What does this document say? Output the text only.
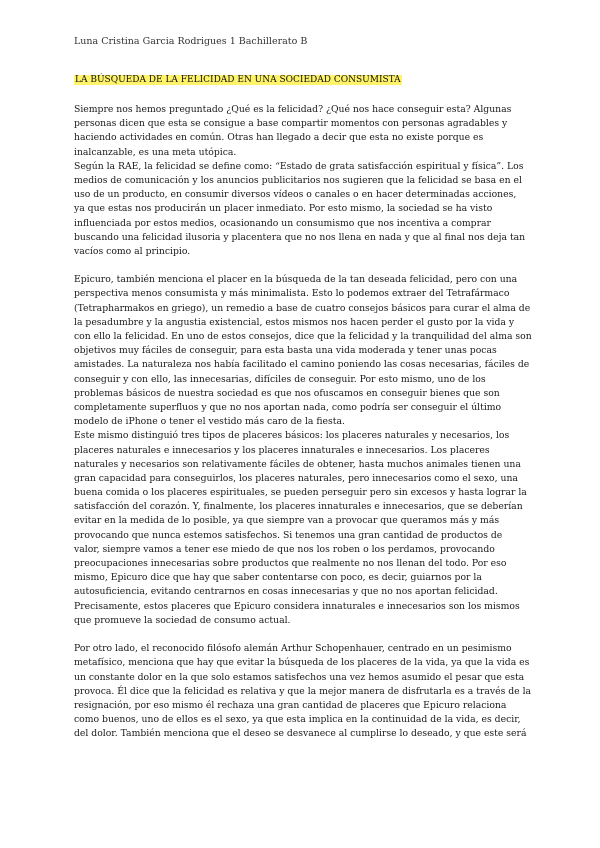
Luna Cristina Garcia Rodrigues 1 Bachillerato B
LA BÚSQUEDA DE LA FELICIDAD EN UNA SOCIEDAD CONSUMISTA
Siempre nos hemos preguntado ¿Qué es la felicidad? ¿Qué nos hace conseguir esta? Algunas
personas dicen que esta se consigue a base compartir momentos con personas agradables y
haciendo actividades en común. Otras han llegado a decir que esta no existe porque es
inalcanzable, es una meta utópica.
Según la RAE, la felicidad se define como: “Estado de grata satisfacción espiritual y física”. Los
medios de comunicación y los anuncios publicitarios nos sugieren que la felicidad se basa en el
uso de un producto, en consumir diversos vídeos o canales o en hacer determinadas acciones,
ya que estas nos producirán un placer inmediato. Por esto mismo, la sociedad se ha visto
influenciada por estos medios, ocasionando un consumismo que nos incentiva a comprar
buscando una felicidad ilusoria y placentera que no nos llena en nada y que al final nos deja tan
vacíos como al principio.
Epicuro, también menciona el placer en la búsqueda de la tan deseada felicidad, pero con una
perspectiva menos consumista y más minimalista. Esto lo podemos extraer del Tetrafármaco
(Tetrapharmakos en griego), un remedio a base de cuatro consejos básicos para curar el alma de
la pesadumbre y la angustia existencial, estos mismos nos hacen perder el gusto por la vida y
con ello la felicidad. En uno de estos consejos, dice que la felicidad y la tranquilidad del alma son
objetivos muy fáciles de conseguir, para esta basta una vida moderada y tener unas pocas
amistades. La naturaleza nos había facilitado el camino poniendo las cosas necesarias, fáciles de
conseguir y con ello, las innecesarias, difíciles de conseguir. Por esto mismo, uno de los
problemas básicos de nuestra sociedad es que nos ofuscamos en conseguir bienes que son
completamente superfluos y que no nos aportan nada, como podría ser conseguir el último
modelo de iPhone o tener el vestido más caro de la fiesta.
Este mismo distinguió tres tipos de placeres básicos: los placeres naturales y necesarios, los
placeres naturales e innecesarios y los placeres innaturales e innecesarios. Los placeres
naturales y necesarios son relativamente fáciles de obtener, hasta muchos animales tienen una
gran capacidad para conseguirlos, los placeres naturales, pero innecesarios como el sexo, una
buena comida o los placeres espirituales, se pueden perseguir pero sin excesos y hasta lograr la
satisfacción del corazón. Y, finalmente, los placeres innaturales e innecesarios, que se deberían
evitar en la medida de lo posible, ya que siempre van a provocar que queramos más y más
provocando que nunca estemos satisfechos. Si tenemos una gran cantidad de productos de
valor, siempre vamos a tener ese miedo de que nos los roben o los perdamos, provocando
preocupaciones innecesarias sobre productos que realmente no nos llenan del todo. Por eso
mismo, Epicuro dice que hay que saber contentarse con poco, es decir, guiarnos por la
autosuficiencia, evitando centrarnos en cosas innecesarias y que no nos aportan felicidad.
Precisamente, estos placeres que Epicuro considera innaturales e innecesarios son los mismos
que promueve la sociedad de consumo actual.
Por otro lado, el reconocido filósofo alemán Arthur Schopenhauer, centrado en un pesimismo
metafísico, menciona que hay que evitar la búsqueda de los placeres de la vida, ya que la vida es
un constante dolor en la que solo estamos satisfechos una vez hemos asumido el pesar que esta
provoca. Él dice que la felicidad es relativa y que la mejor manera de disfrutarla es a través de la
resignación, por eso mismo él rechaza una gran cantidad de placeres que Epicuro relaciona
como buenos, uno de ellos es el sexo, ya que esta implica en la continuidad de la vida, es decir,
del dolor. También menciona que el deseo se desvanece al cumplirse lo deseado, y que este será
